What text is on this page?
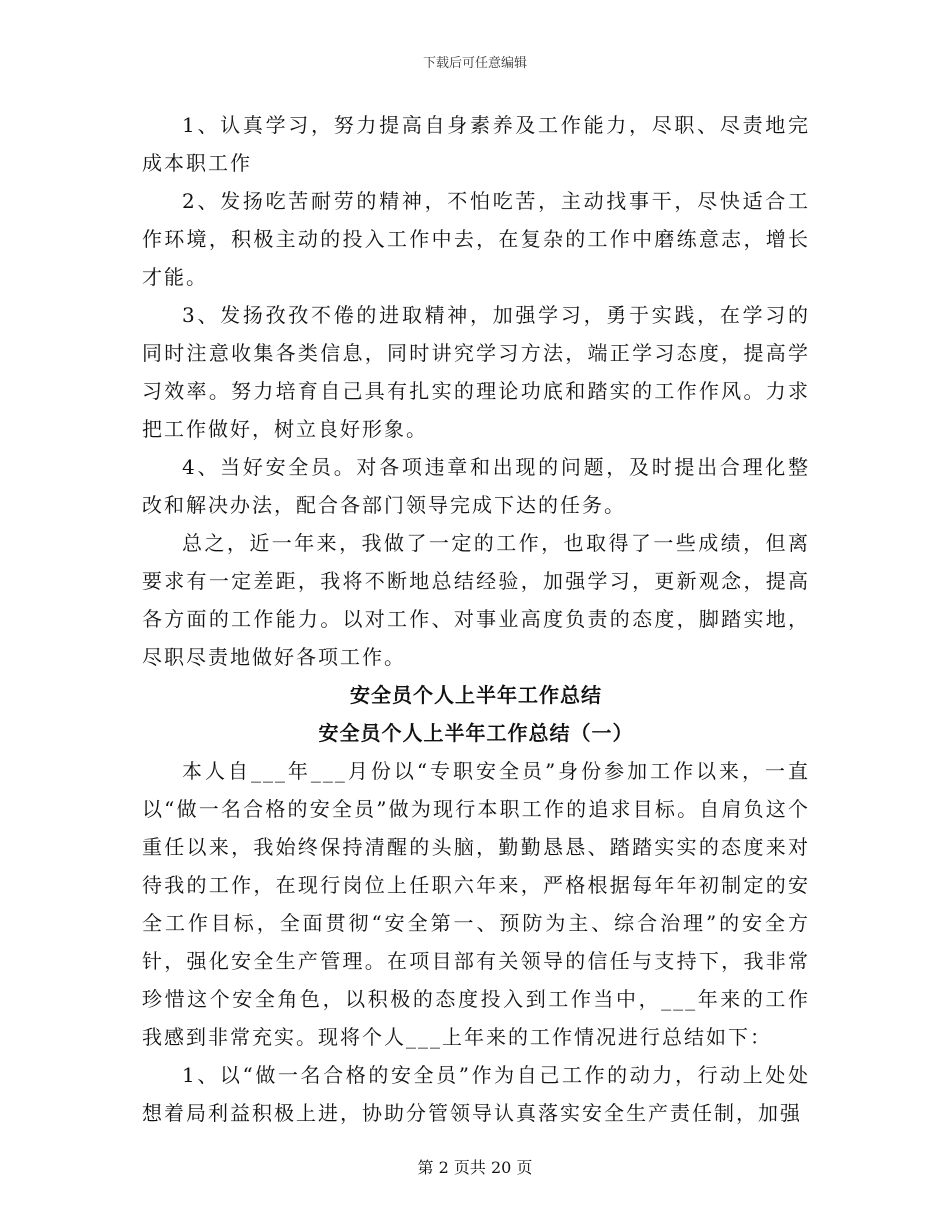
下载后可任意编辑

1、认真学习，努力提高自身素养及工作能力，尽职、尽责地完成本职工作

2、发扬吃苦耐劳的精神，不怕吃苦，主动找事干，尽快适合工作环境，积极主动的投入工作中去，在复杂的工作中磨练意志，增长才能。

3、发扬孜孜不倦的进取精神，加强学习，勇于实践，在学习的同时注意收集各类信息，同时讲究学习方法，端正学习态度，提高学习效率。努力培育自己具有扎实的理论功底和踏实的工作作风。力求把工作做好，树立良好形象。

4、当好安全员。对各项违章和出现的问题，及时提出合理化整改和解决办法，配合各部门领导完成下达的任务。

总之，近一年来，我做了一定的工作，也取得了一些成绩，但离要求有一定差距，我将不断地总结经验，加强学习，更新观念，提高各方面的工作能力。以对工作、对事业高度负责的态度，脚踏实地，尽职尽责地做好各项工作。

安全员个人上半年工作总结

安全员个人上半年工作总结（一）

本人自___年___月份以“专职安全员”身份参加工作以来，一直以“做一名合格的安全员”做为现行本职工作的追求目标。自肩负这个重任以来，我始终保持清醒的头脑，勤勤恳恳、踏踏实实的态度来对待我的工作，在现行岗位上任职六年来，严格根据每年年初制定的安全工作目标，全面贯彻“安全第一、预防为主、综合治理”的安全方针，强化安全生产管理。在项目部有关领导的信任与支持下，我非常珍惜这个安全角色，以积极的态度投入到工作当中，___年来的工作我感到非常充实。现将个人___上年来的工作情况进行总结如下：

1、以“做一名合格的安全员”作为自己工作的动力，行动上处处想着局利益积极上进，协助分管领导认真落实安全生产责任制，加强

第 2 页共 20 页
